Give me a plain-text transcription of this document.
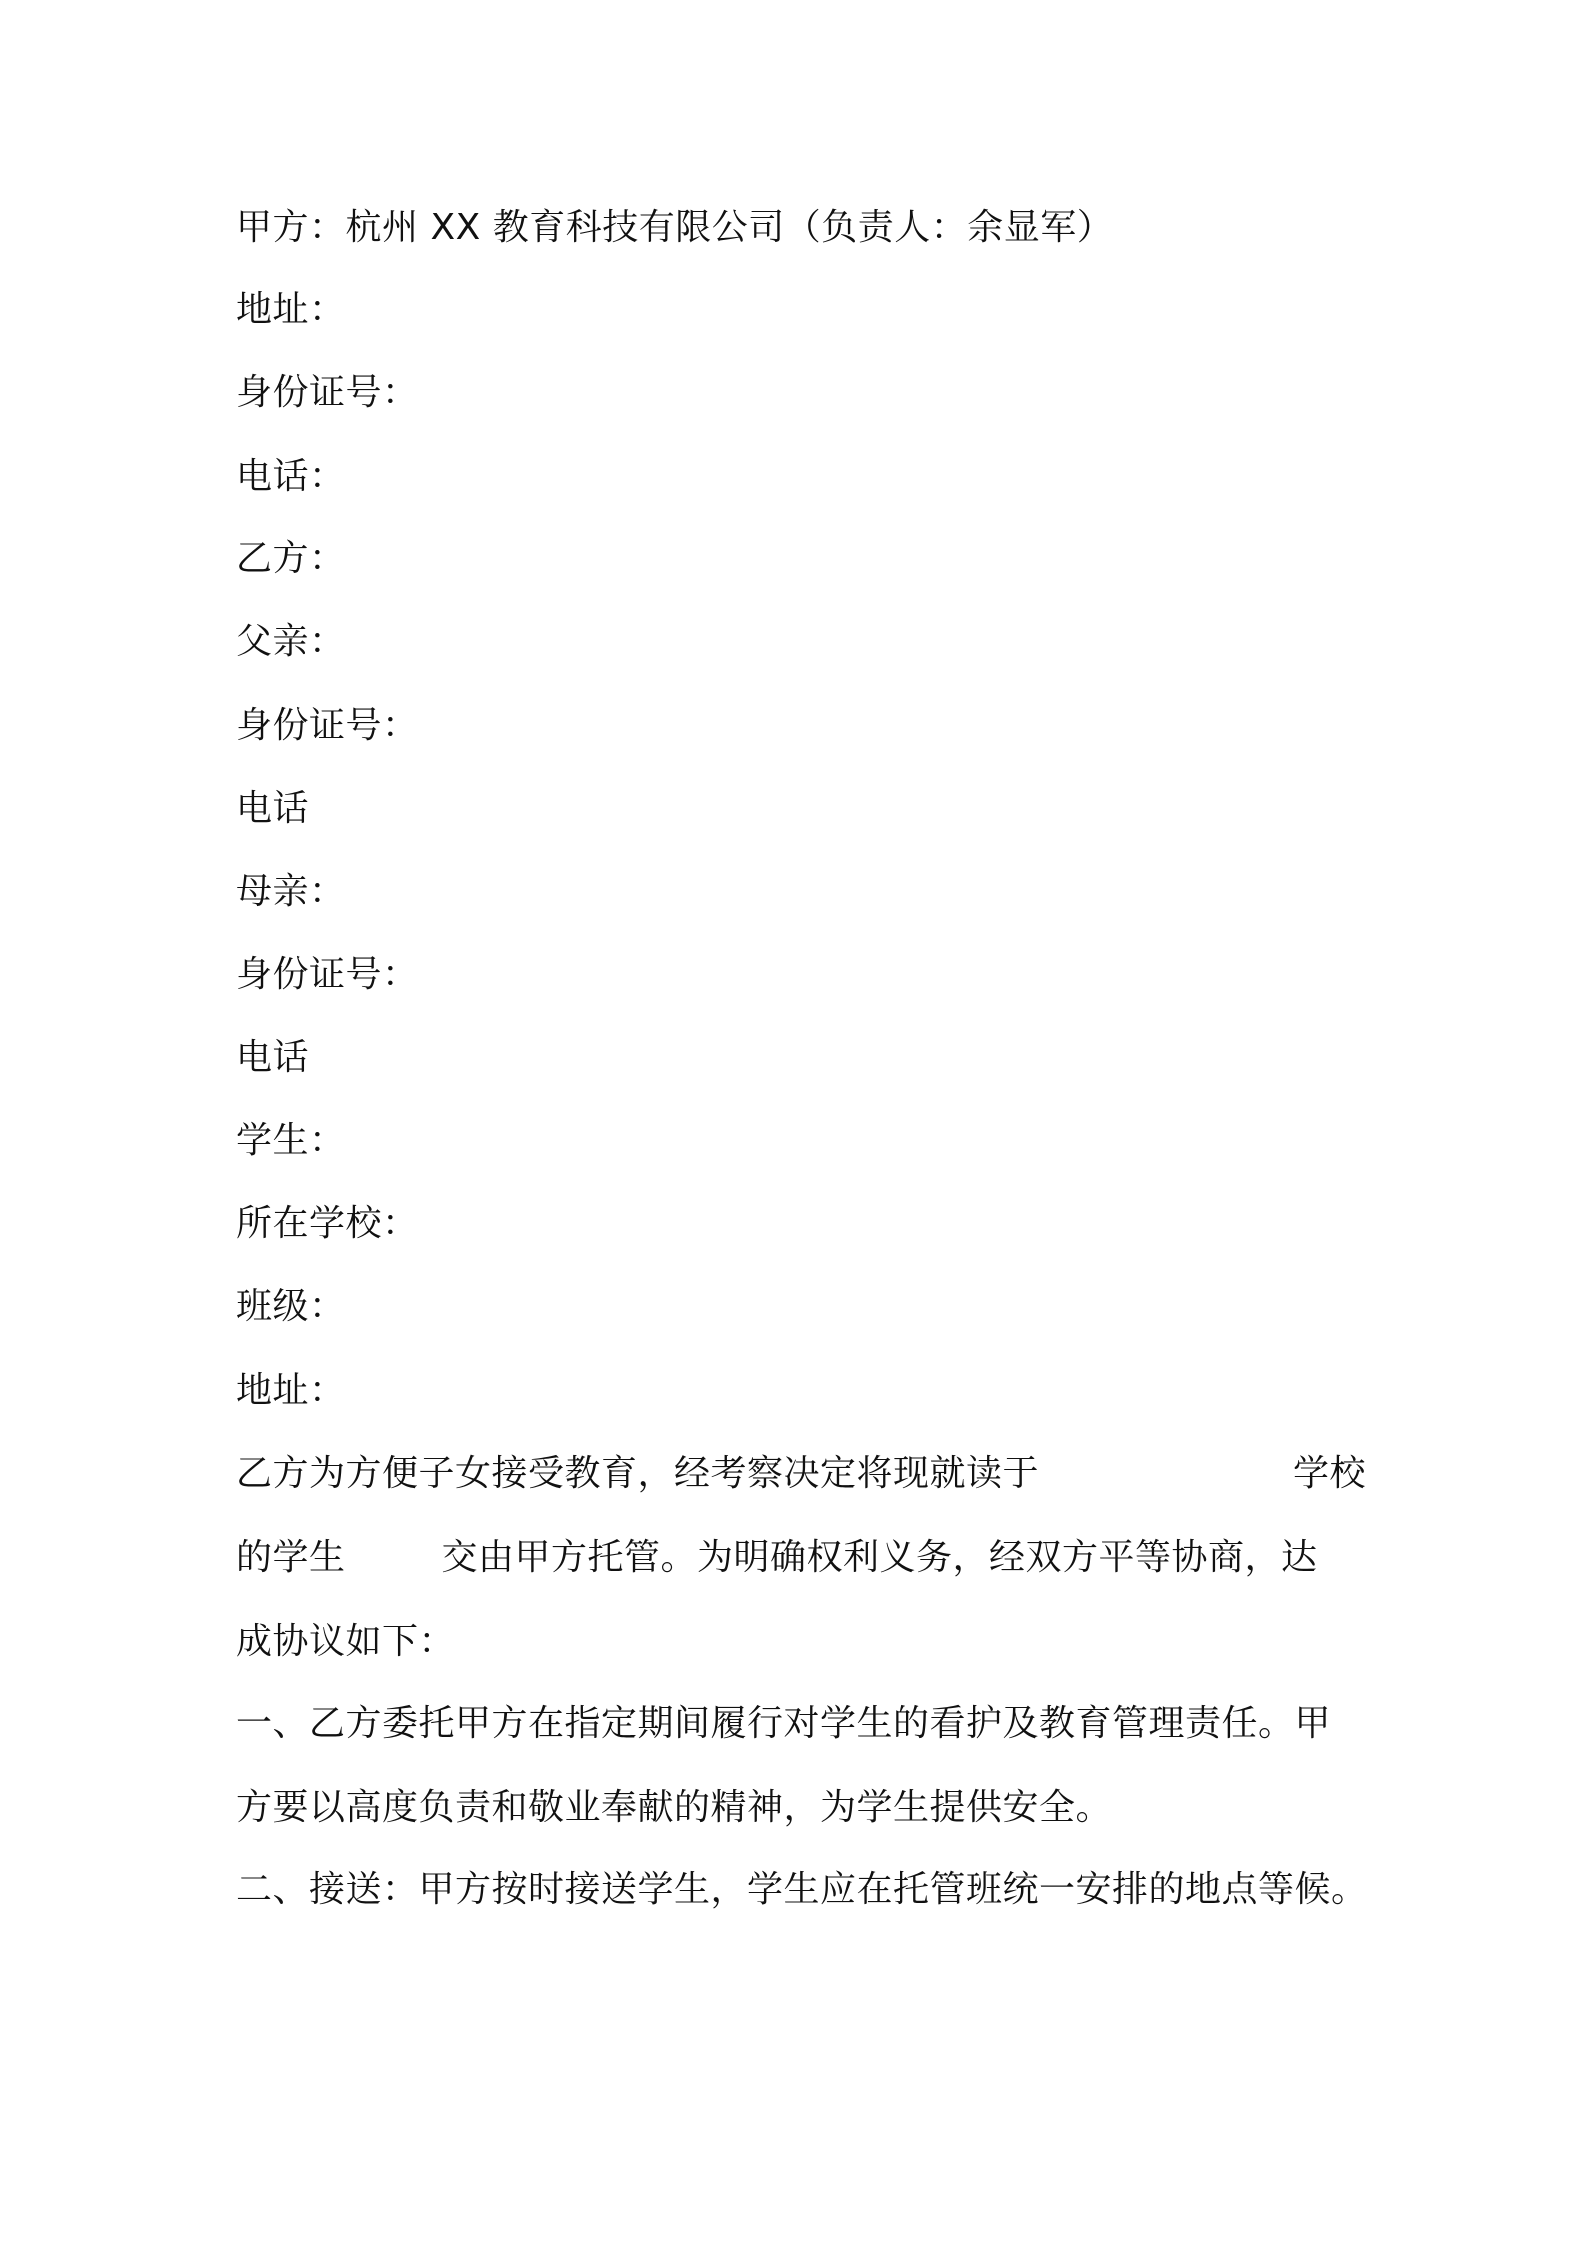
甲方：杭州 XX 教育科技有限公司（负责人：余显军）
地址：
身份证号：
电话：
乙方：
父亲：
身份证号：
电话
母亲：
身份证号：
电话
学生：
所在学校：
班级：
地址：
乙方为方便子女接受教育，经考察决定将现就读于	学校
的学生	交由甲方托管。为明确权利义务，经双方平等协商，达
成协议如下：
一、乙方委托甲方在指定期间履行对学生的看护及教育管理责任。甲
方要以高度负责和敬业奉献的精神，为学生提供安全。
二、接送：甲方按时接送学生，学生应在托管班统一安排的地点等候。
